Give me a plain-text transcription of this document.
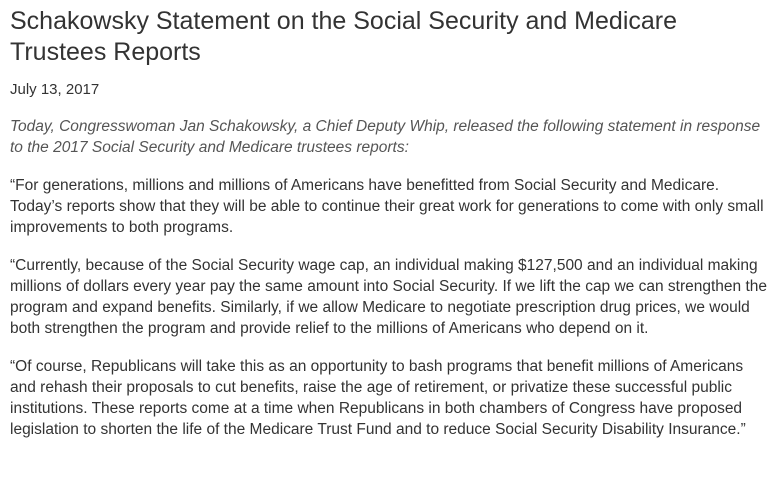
Schakowsky Statement on the Social Security and Medicare Trustees Reports
July 13, 2017

Today, Congresswoman Jan Schakowsky, a Chief Deputy Whip, released the following statement in response to the 2017 Social Security and Medicare trustees reports:

“For generations, millions and millions of Americans have benefitted from Social Security and Medicare. Today’s reports show that they will be able to continue their great work for generations to come with only small improvements to both programs.

“Currently, because of the Social Security wage cap, an individual making $127,500 and an individual making millions of dollars every year pay the same amount into Social Security. If we lift the cap we can strengthen the program and expand benefits. Similarly, if we allow Medicare to negotiate prescription drug prices, we would both strengthen the program and provide relief to the millions of Americans who depend on it.

“Of course, Republicans will take this as an opportunity to bash programs that benefit millions of Americans and rehash their proposals to cut benefits, raise the age of retirement, or privatize these successful public institutions. These reports come at a time when Republicans in both chambers of Congress have proposed legislation to shorten the life of the Medicare Trust Fund and to reduce Social Security Disability Insurance.”
